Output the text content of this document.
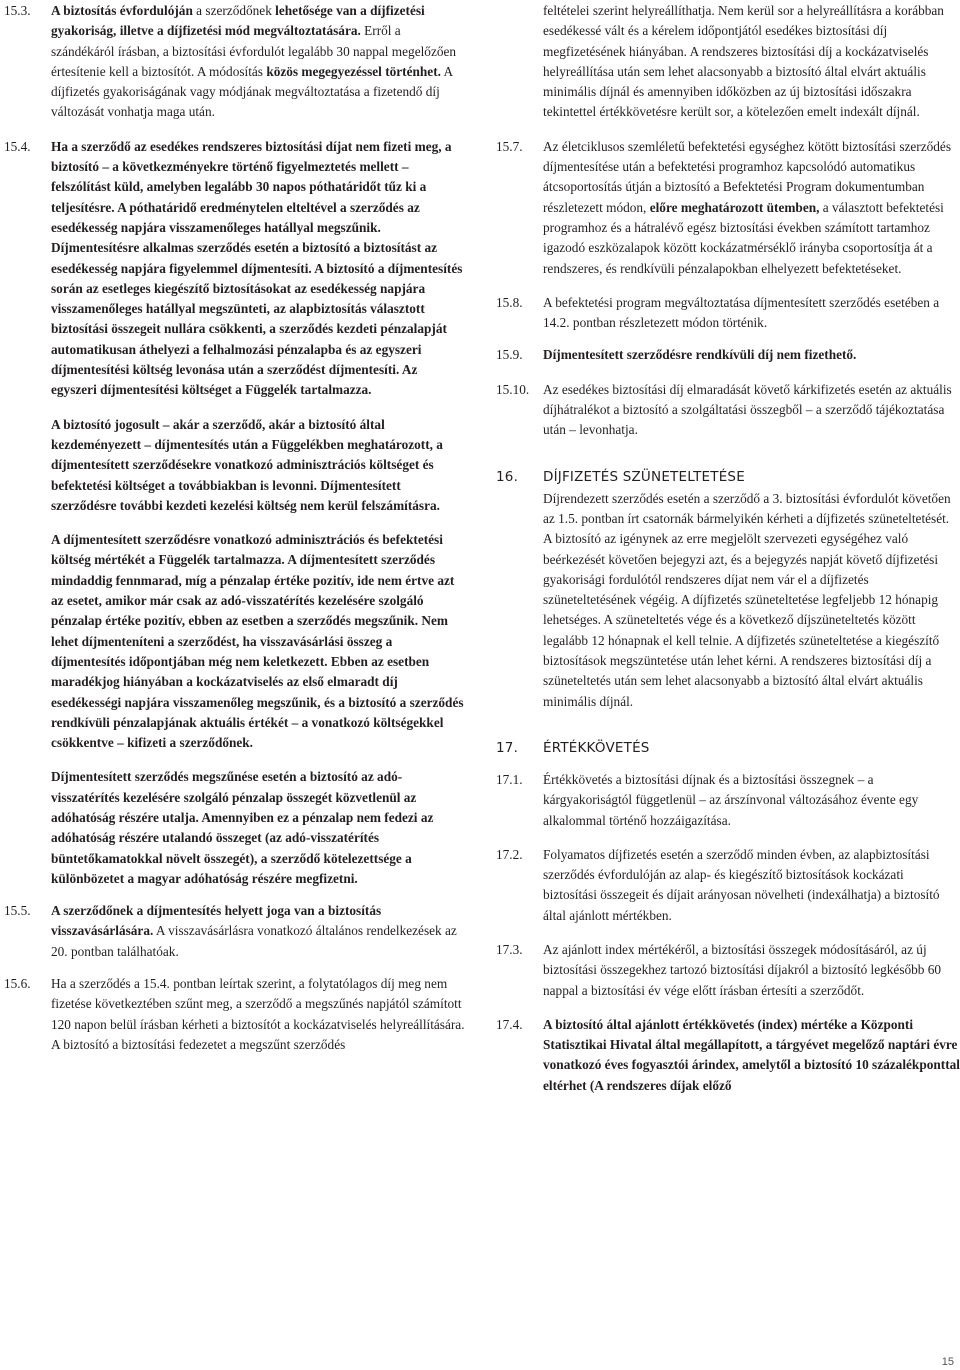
15.3.	A biztosítás évfordulóján a szerződőnek lehetősége van a díjfizetési gyakoriság, illetve a díjfizetési mód megváltoztatására. Erről a szándékáról írásban, a biztosítási évfordulót legalább 30 nappal megelőzően értesítenie kell a biztosítót. A módosítás közös megegyezéssel történhet. A díjfizetés gyakoriságának vagy módjának megváltoztatása a fizetendő díj változását vonhatja maga után.
15.4.	Ha a szerződő az esedékes rendszeres biztosítási díjat nem fizeti meg, a biztosító – a következményekre történő figyelmeztetés mellett – felszólítást küld, amelyben legalább 30 napos póthatáridőt tűz ki a teljesítésre. A póthatáridő eredménytelen elteltével a szerződés az esedékesség napjára visszamenőleges hatállyal megszűnik. Díjmentesítésre alkalmas szerződés esetén a biztosító a biztosítást az esedékesség napjára figyelemmel díjmentesíti. A biztosító a díjmentesítés során az esetleges kiegészítő biztosításokat az esedékesség napjára visszamenőleges hatállyal megszünteti, az alapbiztosítás választott biztosítási összegeit nullára csökkenti, a szerződés kezdeti pénzalapját automatikusan áthelyezi a felhalmozási pénzalapba és az egyszeri díjmentesítési költség levonása után a szerződést díjmentesíti. Az egyszeri díjmentesítési költséget a Függelék tartalmazza.
A biztosító jogosult – akár a szerződő, akár a biztosító által kezdeményezett – díjmentesítés után a Függelékben meghatározott, a díjmentesített szerződésekre vonatkozó adminisztrációs költséget és befektetési költséget a továbbiakban is levonni. Díjmentesített szerződésre további kezdeti kezelési költség nem kerül felszámításra.
A díjmentesített szerződésre vonatkozó adminisztrációs és befektetési költség mértékét a Függelék tartalmazza. A díjmentesített szerződés mindaddig fennmarad, míg a pénzalap értéke pozitív, ide nem értve azt az esetet, amikor már csak az adó-visszatérítés kezelésére szolgáló pénzalap értéke pozitív, ebben az esetben a szerződés megszűnik. Nem lehet díjmenteníteni a szerződést, ha visszavásárlási összeg a díjmentesítés időpontjában még nem keletkezett. Ebben az esetben maradékjog hiányában a kockázatviselés az első elmaradt díj esedékességi napjára visszamenőleg megszűnik, és a biztosító a szerződés rendkívüli pénzalapjának aktuális értékét – a vonatkozó költségekkel csökkentve – kifizeti a szerződőnek.
Díjmentesített szerződés megszűnése esetén a biztosító az adó-visszatérítés kezelésére szolgáló pénzalap összegét közvetlenül az adóhatóság részére utalja. Amennyiben ez a pénzalap nem fedezi az adóhatóság részére utalandó összeget (az adó-visszatérítés büntetőkamatokkal növelt összegét), a szerződő kötelezettsége a különbözetet a magyar adóhatóság részére megfizetni.
15.5.	A szerződőnek a díjmentesítés helyett joga van a biztosítás visszavásárlására. A visszavásárlásra vonatkozó általános rendelkezések az 20. pontban találhatóak.
15.6.	Ha a szerződés a 15.4. pontban leírtak szerint, a folytatólagos díj meg nem fizetése következtében szűnt meg, a szerződő a megszűnés napjától számított 120 napon belül írásban kérheti a biztosítót a kockázatviselés helyreállítására. A biztosító a biztosítási fedezetet a megszűnt szerződés
feltételei szerint helyreállíthatja. Nem kerül sor a helyreállításra a korábban esedékessé vált és a kérelem időpontjától esedékes biztosítási díj megfizetésének hiányában. A rendszeres biztosítási díj a kockázatviselés helyreállítása után sem lehet alacsonyabb a biztosító által elvárt aktuális minimális díjnál és amennyiben időközben az új biztosítási időszakra tekintettel értékkövetésre került sor, a kötelezően emelt indexált díjnál.
15.7.	Az életciklusos szemléletű befektetési egységhez kötött biztosítási szerződés díjmentesítése után a befektetési programhoz kapcsolódó automatikus átcsoportosítás útján a biztosító a Befektetési Program dokumentumban részletezett módon, előre meghatározott ütemben, a választott befektetési programhoz és a hátralévő egész biztosítási években számított tartamhoz igazodó eszközalapok között kockázatmérséklő irányba csoportosítja át a rendszeres, és rendkívüli pénzalapokban elhelyezett befektetéseket.
15.8.	A befektetési program megváltoztatása díjmentesített szerződés esetében a 14.2. pontban részletezett módon történik.
15.9.	Díjmentesített szerződésre rendkívüli díj nem fizethető.
15.10.	Az esedékes biztosítási díj elmaradását követő kárkifizetés esetén az aktuális díjhátralékot a biztosító a szolgáltatási összegből – a szerződő tájékoztatása után – levonhatja.
16.	DÍJFIZETÉS SZÜNETELTETÉSE
Díjrendezett szerződés esetén a szerződő a 3. biztosítási évfordulót követően az 1.5. pontban írt csatornák bármelyikén kérheti a díjfizetés szüneteltetését. A biztosító az igénynek az erre megjelölt szervezeti egységéhez való beérkezését követően bejegyzi azt, és a bejegyzés napját követő díjfizetési gyakorisági fordulótól rendszeres díjat nem vár el a díjfizetés szüneteltetésének végéig. A díjfizetés szüneteltetése legfeljebb 12 hónapig lehetséges. A szüneteltetés vége és a következő díjszüneteltetés között legalább 12 hónapnak el kell telnie. A díjfizetés szüneteltetése a kiegészítő biztosítások megszüntetése után lehet kérni. A rendszeres biztosítási díj a szüneteltetés után sem lehet alacsonyabb a biztosító által elvárt aktuális minimális díjnál.
17.	ÉRTÉKKÖVETÉS
17.1.	Értékkövetés a biztosítási díjnak és a biztosítási összegnek – a kárgyakoriságtól függetlenül – az árszínvonal változásához évente egy alkalommal történő hozzáigazítása.
17.2.	Folyamatos díjfizetés esetén a szerződő minden évben, az alapbiztosítási szerződés évfordulóján az alap- és kiegészítő biztosítások kockázati biztosítási összegeit és díjait arányosan növelheti (indexálhatja) a biztosító által ajánlott mértékben.
17.3.	Az ajánlott index mértékéről, a biztosítási összegek módosításáról, az új biztosítási összegekhez tartozó biztosítási díjakról a biztosító legkésőbb 60 nappal a biztosítási év vége előtt írásban értesíti a szerződőt.
17.4.	A biztosító által ajánlott értékkövetés (index) mértéke a Központi Statisztikai Hivatal által megállapított, a tárgyévet megelőző naptári évre vonatkozó éves fogyasztói árindex, amelytől a biztosító 10 százalékponttal eltérhet (A rendszeres díjak előző
15
